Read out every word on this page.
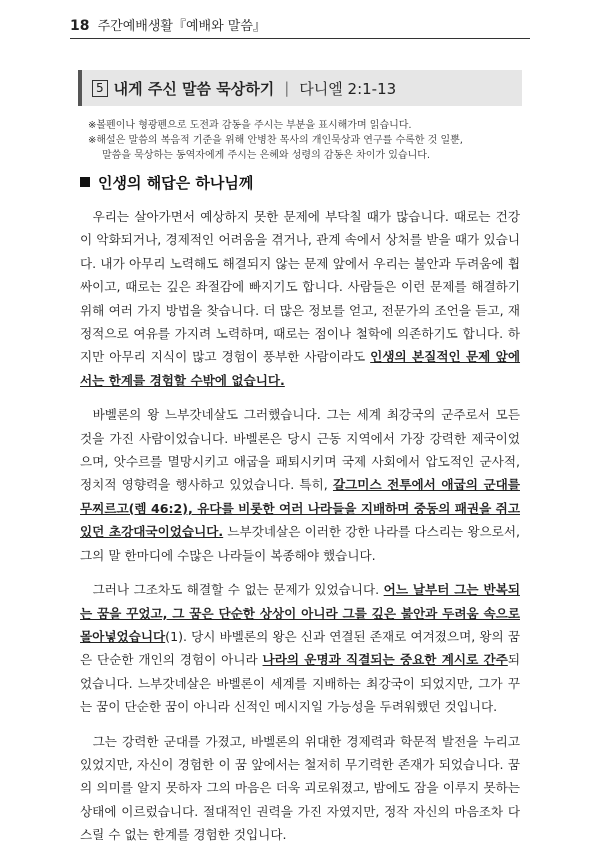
18 주간예배생활『예배와 말씀』
5 내게 주신 말씀 묵상하기 | 다니엘 2:1-13

※볼펜이나 형광펜으로 도전과 감동을 주시는 부분을 표시해가며 읽습니다.

※해설은 말씀의 복음적 기준을 위해 안병찬 목사의 개인묵상과 연구를 수록한 것 일뿐,

말씀을 묵상하는 동역자에게 주시는 은혜와 성령의 감동은 차이가 있습니다.

인생의 해답은 하나님께

우리는 살아가면서 예상하지 못한 문제에 부닥칠 때가 많습니다. 때로는 건강이 악화되거나, 경제적인 어려움을 겪거나, 관계 속에서 상처를 받을 때가 있습니다. 내가 아무리 노력해도 해결되지 않는 문제 앞에서 우리는 불안과 두려움에 휩싸이고, 때로는 깊은 좌절감에 빠지기도 합니다. 사람들은 이런 문제를 해결하기 위해 여러 가지 방법을 찾습니다. 더 많은 정보를 얻고, 전문가의 조언을 듣고, 재정적으로 여유를 가지려 노력하며, 때로는 점이나 철학에 의존하기도 합니다. 하지만 아무리 지식이 많고 경험이 풍부한 사람이라도 인생의 본질적인 문제 앞에서는 한계를 경험할 수밖에 없습니다.

바벨론의 왕 느부갓네살도 그러했습니다. 그는 세계 최강국의 군주로서 모든 것을 가진 사람이었습니다. 바벨론은 당시 근동 지역에서 가장 강력한 제국이었으며, 앗수르를 멸망시키고 애굽을 패퇴시키며 국제 사회에서 압도적인 군사적, 정치적 영향력을 행사하고 있었습니다. 특히, 갈그미스 전투에서 애굽의 군대를 무찌르고(렘 46:2), 유다를 비롯한 여러 나라들을 지배하며 중동의 패권을 쥐고 있던 초강대국이었습니다. 느부갓네살은 이러한 강한 나라를 다스리는 왕으로서, 그의 말 한마디에 수많은 나라들이 복종해야 했습니다.

그러나 그조차도 해결할 수 없는 문제가 있었습니다. 어느 날부터 그는 반복되는 꿈을 꾸었고, 그 꿈은 단순한 상상이 아니라 그를 깊은 불안과 두려움 속으로 몰아넣었습니다(1). 당시 바벨론의 왕은 신과 연결된 존재로 여겨졌으며, 왕의 꿈은 단순한 개인의 경험이 아니라 나라의 운명과 직결되는 중요한 계시로 간주되었습니다. 느부갓네살은 바벨론이 세계를 지배하는 최강국이 되었지만, 그가 꾸는 꿈이 단순한 꿈이 아니라 신적인 메시지일 가능성을 두려워했던 것입니다.

그는 강력한 군대를 가졌고, 바벨론의 위대한 경제력과 학문적 발전을 누리고 있었지만, 자신이 경험한 이 꿈 앞에서는 철저히 무기력한 존재가 되었습니다. 꿈의 의미를 알지 못하자 그의 마음은 더욱 괴로워졌고, 밤에도 잠을 이루지 못하는 상태에 이르렀습니다. 절대적인 권력을 가진 자였지만, 정작 자신의 마음조차 다스릴 수 없는 한계를 경험한 것입니다.
